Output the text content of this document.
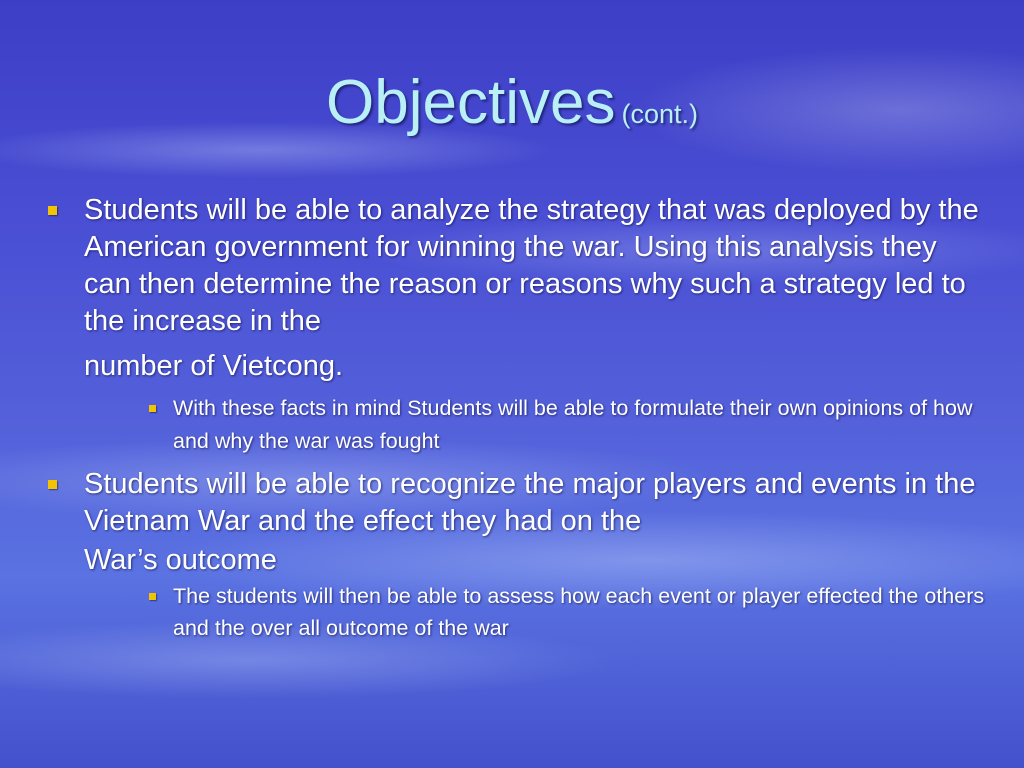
Objectives (cont.)
Students will be able to analyze the strategy that was deployed by the American government for winning the war. Using this analysis they can then determine the reason or reasons why such a strategy led to the increase in the
number of Vietcong.
With these facts in mind Students will be able to formulate their own opinions of how and why the war was fought
Students will be able to recognize the major players and events in the Vietnam War and the effect they had on the
War’s outcome
The students will then be able to assess how each event or player effected the others and the over all outcome of the war
